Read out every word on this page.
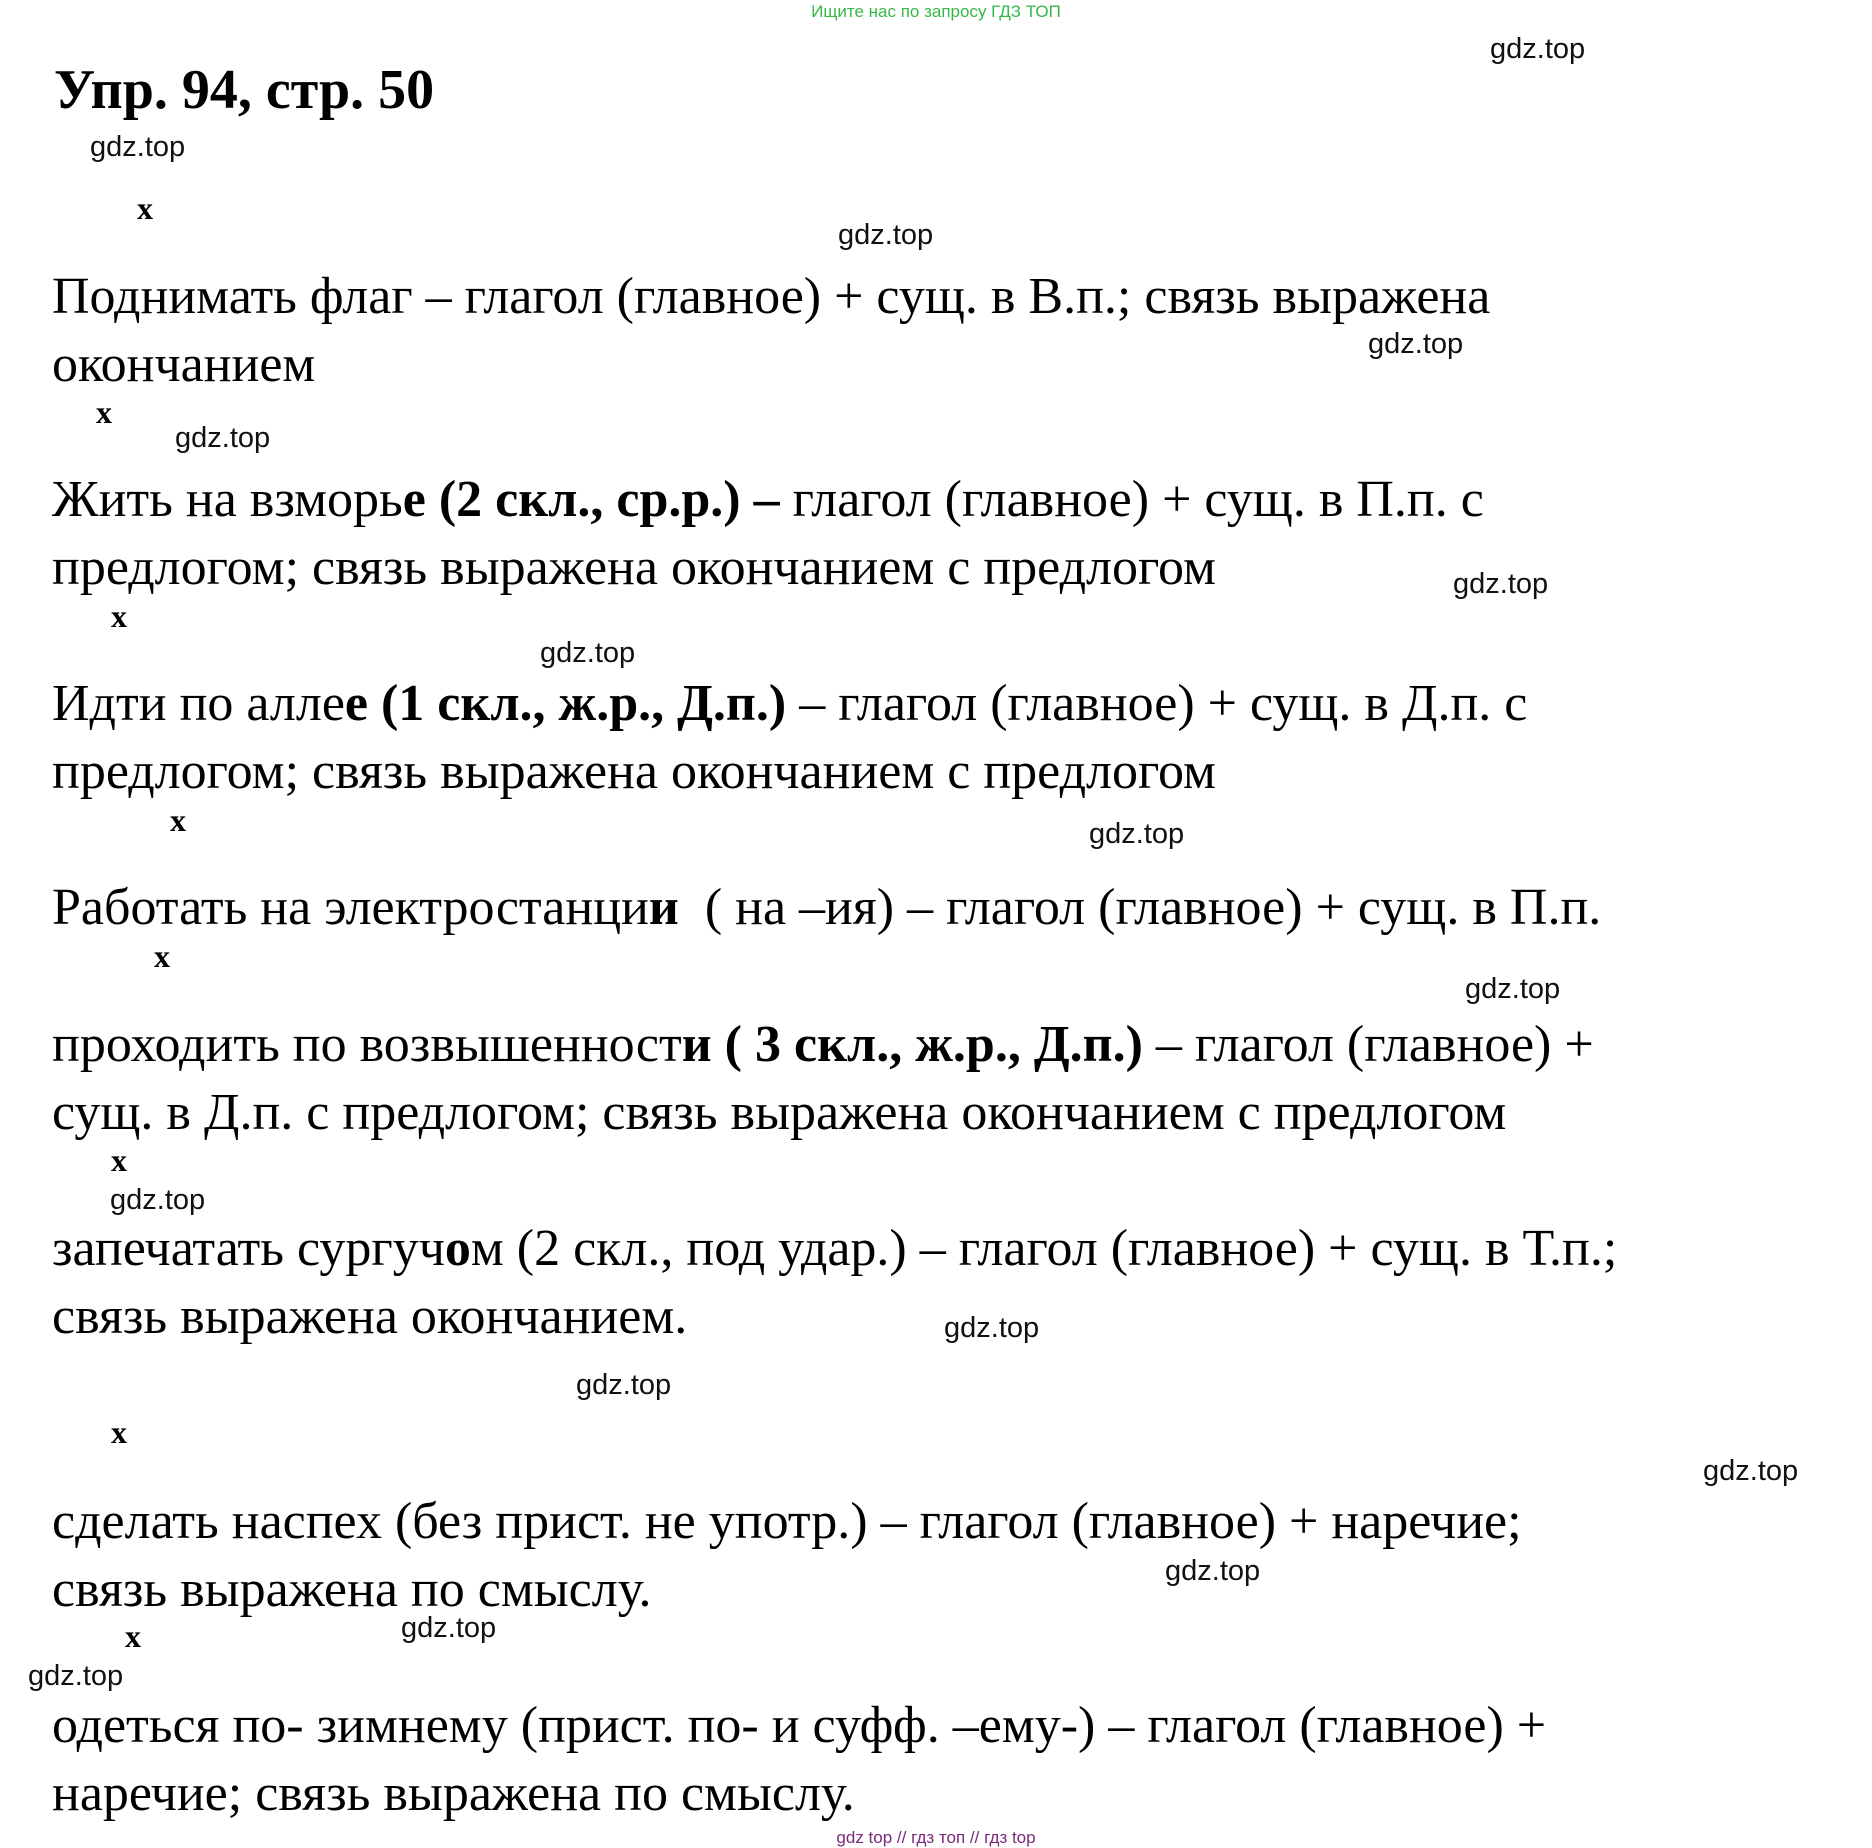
Ищите нас по запросу ГДЗ ТОП
Упр. 94, стр. 50
Поднимать флаг – глагол (главное) + сущ. в В.п.; связь выражена
окончанием
Жить на взморье (2 скл., ср.р.) – глагол (главное) + сущ. в П.п. с
предлогом; связь выражена окончанием с предлогом
Идти по аллее (1 скл., ж.р., Д.п.) – глагол (главное) + сущ. в Д.п. с
предлогом; связь выражена окончанием с предлогом
Работать на электростанции  ( на –ия) – глагол (главное) + сущ. в П.п.
проходить по возвышенности ( 3 скл., ж.р., Д.п.) – глагол (главное) +
сущ. в Д.п. с предлогом; связь выражена окончанием с предлогом
запечатать сургучом (2 скл., под удар.) – глагол (главное) + сущ. в Т.п.;
связь выражена окончанием.
сделать наспех (без прист. не употр.) – глагол (главное) + наречие;
связь выражена по смыслу.
одеться по- зимнему (прист. по- и суфф. –ему-) – глагол (главное) +
наречие; связь выражена по смыслу.
x
x
x
x
x
x
x
x
gdz.top
gdz.top
gdz.top
gdz.top
gdz.top
gdz.top
gdz.top
gdz.top
gdz.top
gdz.top
gdz.top
gdz.top
gdz.top
gdz.top
gdz.top
gdz.top
gdz top // гдз топ // гдз top
